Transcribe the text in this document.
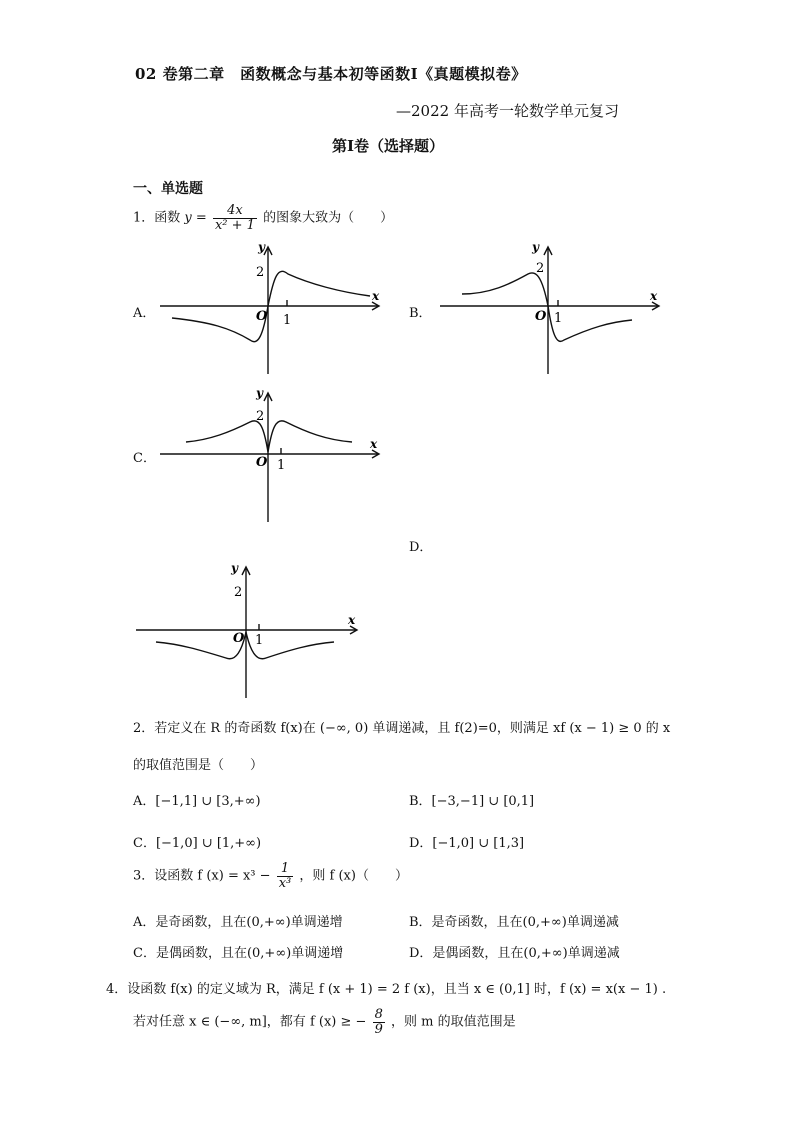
02 卷第二章　函数概念与基本初等函数Ⅰ《真题模拟卷》
—2022 年高考一轮数学单元复习
第Ⅰ卷（选择题）
一、单选题
1．函数 $y = \frac{4x}{\text{x² + 1}}$ 的图象大致为（　　）
A．	B．
C．
D．
2
y
x
O 1
2
y
x
O 1
2
y
x
O 1
2
y
x
O 1
2．若定义在 R 的奇函数 f(x)在 (−∞, 0) 单调递减，且 f(2)=0，则满足 xf (x − 1) ≥ 0 的 x
的取值范围是（　　）
A．[−1,1] ∪ [3,+∞)	B．[−3,−1] ∪ [0,1]
C．[−1,0] ∪ [1,+∞)	D．[−1,0] ∪ [1,3]
3．设函数 f $(x) = x^3 - \frac{1}{\text{x³}}$ ，则 f (x)（　　）
A．是奇函数，且在(0,+∞)单调递增	B．是奇函数，且在(0,+∞)单调递减
C．是偶函数，且在(0,+∞)单调递增	D．是偶函数，且在(0,+∞)单调递减
4．设函数 f(x) 的定义域为 R，满足 f (x + 1) = 2 f (x)，且当 x ∈ (0,1] 时，f (x) = x(x − 1) .
若对任意 x ∈ (−∞, m]，都有 f (x) ≥ − $\frac{8}{9}$ ，则 m 的取值范围是
